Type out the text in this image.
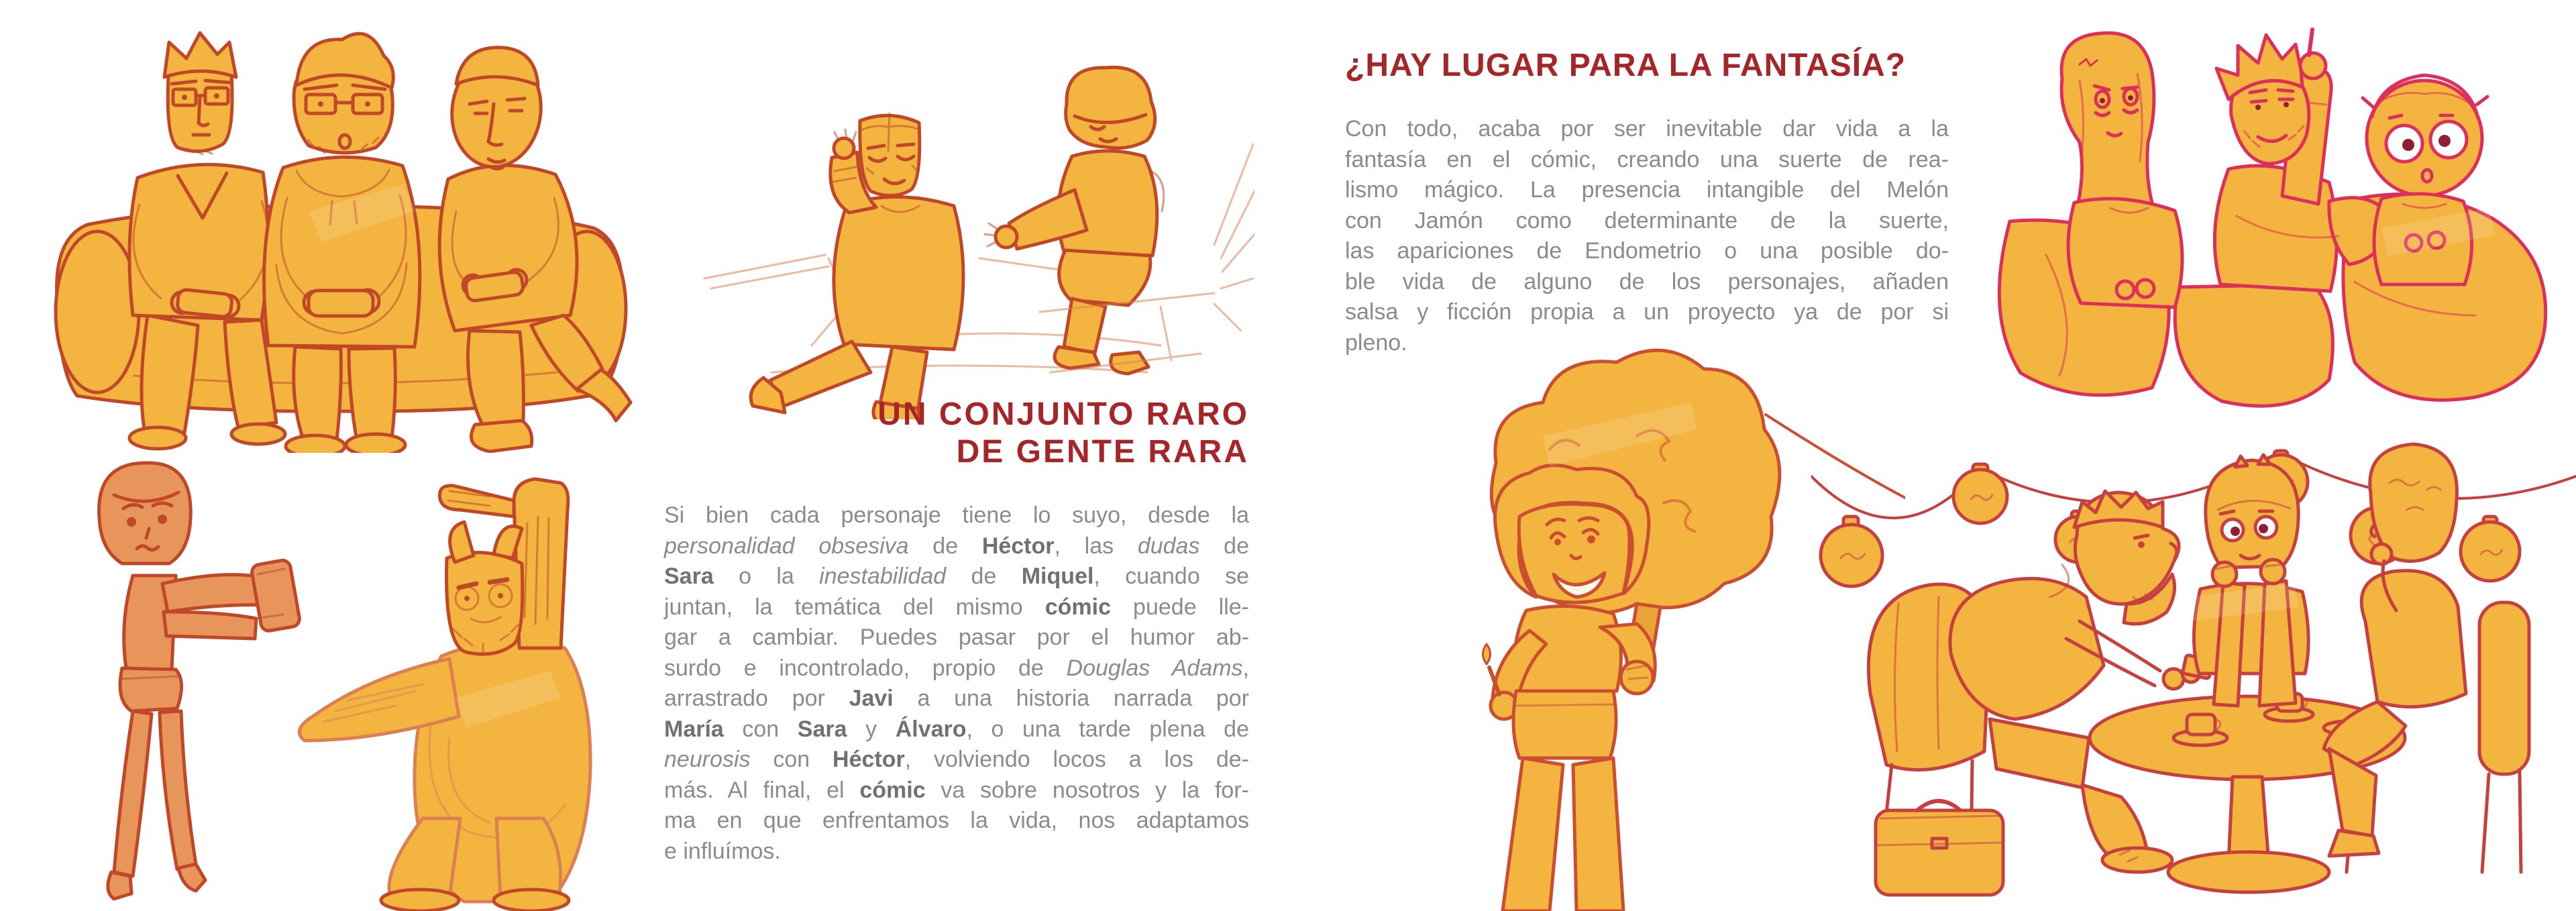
UN CONJUNTO RARO
DE GENTE RARA
Si bien cada personaje tiene lo suyo, desde la
personalidad obsesiva de Héctor, las dudas de
Sara o la inestabilidad de Miquel, cuando se
juntan, la temática del mismo cómic puede lle-
gar a cambiar. Puedes pasar por el humor ab-
surdo e incontrolado, propio de Douglas Adams,
arrastrado por Javi a una historia narrada por
María con Sara y Álvaro, o una tarde plena de
neurosis con Héctor, volviendo locos a los de-
más. Al final, el cómic va sobre nosotros y la for-
ma en que enfrentamos la vida, nos adaptamos
e influímos.
¿HAY LUGAR PARA LA FANTASÍA?
Con todo, acaba por ser inevitable dar vida a la
fantasía en el cómic, creando una suerte de rea-
lismo mágico. La presencia intangible del Melón
con Jamón como determinante de la suerte,
las apariciones de Endometrio o una posible do-
ble vida de alguno de los personajes, añaden
salsa y ficción propia a un proyecto ya de por si
pleno.
